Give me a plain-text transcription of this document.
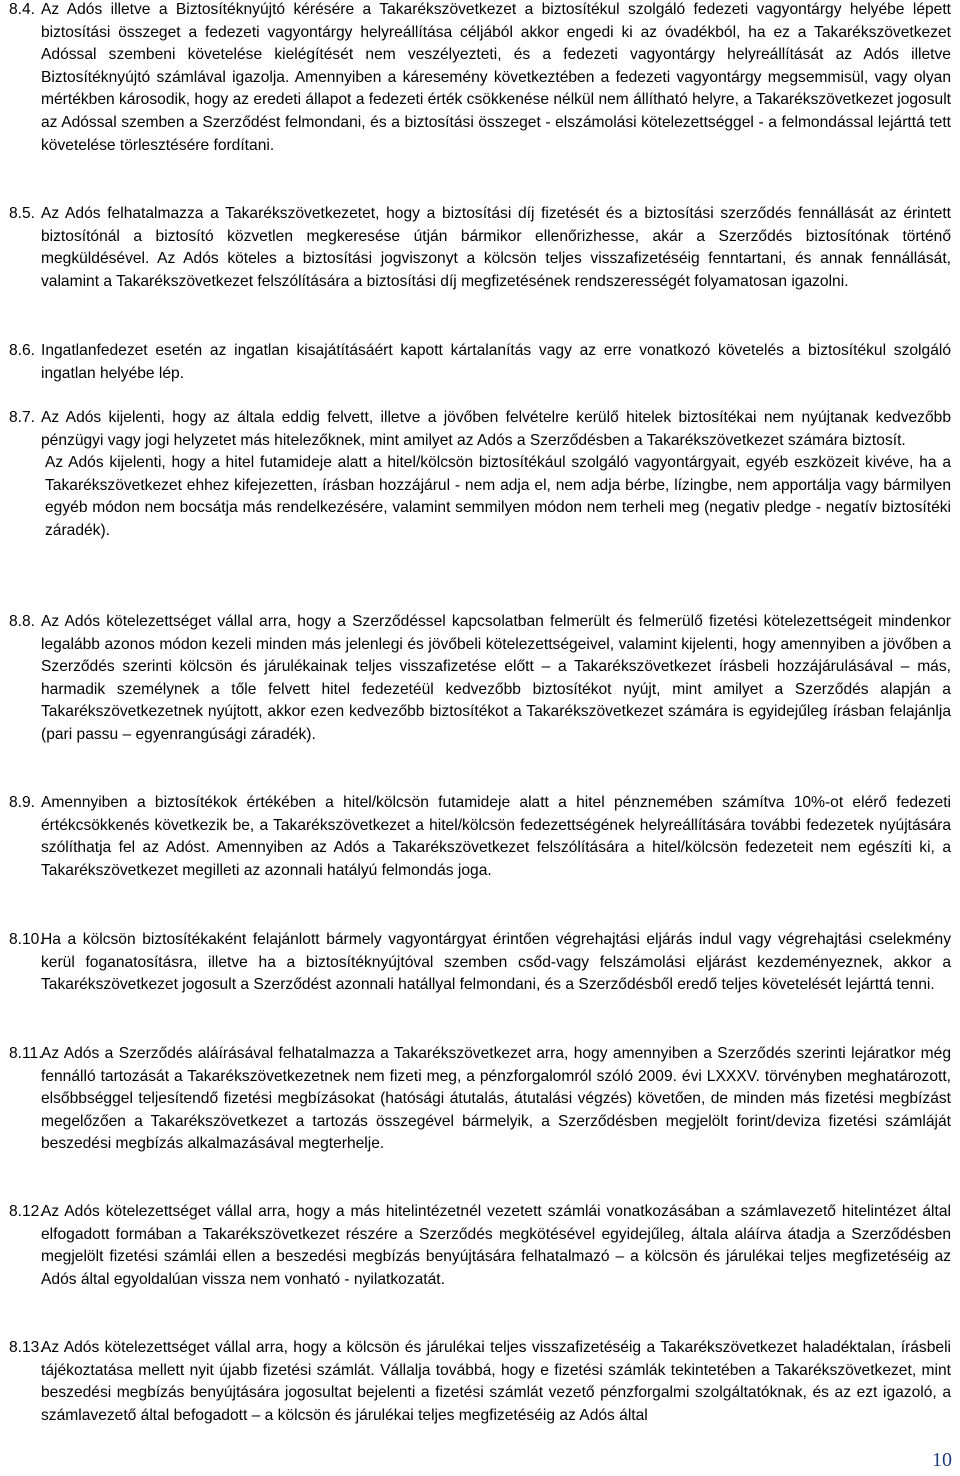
8.4. Az Adós illetve a Biztosítéknyújtó kérésére a Takarékszövetkezet a biztosítékul szolgáló fedezeti vagyontárgy helyébe lépett biztosítási összeget a fedezeti vagyontárgy helyreállítása céljából akkor engedi ki az óvadékból, ha ez a Takarékszövetkezet Adóssal szembeni követelése kielégítését nem veszélyezteti, és a fedezeti vagyontárgy helyreállítását az Adós illetve Biztosítéknyújtó számlával igazolja. Amennyiben a káresemény következtében a fedezeti vagyontárgy megsemmisül, vagy olyan mértékben károsodik, hogy az eredeti állapot a fedezeti érték csökkenése nélkül nem állítható helyre, a Takarékszövetkezet jogosult az Adóssal szemben a Szerződést felmondani, és a biztosítási összeget - elszámolási kötelezettséggel - a felmondással lejárttá tett követelése törlesztésére fordítani.

8.5. Az Adós felhatalmazza a Takarékszövetkezetet, hogy a biztosítási díj fizetését és a biztosítási szerződés fennállását az érintett biztosítónál a biztosító közvetlen megkeresése útján bármikor ellenőrizhesse, akár a Szerződés biztosítónak történő megküldésével. Az Adós köteles a biztosítási jogviszonyt a kölcsön teljes visszafizetéséig fenntartani, és annak fennállását, valamint a Takarékszövetkezet felszólítására a biztosítási díj megfizetésének rendszerességét folyamatosan igazolni.

8.6. Ingatlanfedezet esetén az ingatlan kisajátításáért kapott kártalanítás vagy az erre vonatkozó követelés a biztosítékul szolgáló ingatlan helyébe lép.

8.7. Az Adós kijelenti, hogy az általa eddig felvett, illetve a jövőben felvételre kerülő hitelek biztosítékai nem nyújtanak kedvezőbb pénzügyi vagy jogi helyzetet más hitelezőknek, mint amilyet az Adós a Szerződésben a Takarékszövetkezet számára biztosít.

Az Adós kijelenti, hogy a hitel futamideje alatt a hitel/kölcsön biztosítékául szolgáló vagyontárgyait, egyéb eszközeit kivéve, ha a Takarékszövetkezet ehhez kifejezetten, írásban hozzájárul - nem adja el, nem adja bérbe, lízingbe, nem apportálja vagy bármilyen egyéb módon nem bocsátja más rendelkezésére, valamint semmilyen módon nem terheli meg (negativ pledge - negatív biztosítéki záradék).

8.8. Az Adós kötelezettséget vállal arra, hogy a Szerződéssel kapcsolatban felmerült és felmerülő fizetési kötelezettségeit mindenkor legalább azonos módon kezeli minden más jelenlegi és jövőbeli kötelezettségeivel, valamint kijelenti, hogy amennyiben a jövőben a Szerződés szerinti kölcsön és járulékainak teljes visszafizetése előtt – a Takarékszövetkezet írásbeli hozzájárulásával – más, harmadik személynek a tőle felvett hitel fedezetéül kedvezőbb biztosítékot nyújt, mint amilyet a Szerződés alapján a Takarékszövetkezetnek nyújtott, akkor ezen kedvezőbb biztosítékot a Takarékszövetkezet számára is egyidejűleg írásban felajánlja (pari passu – egyenrangúsági záradék).

8.9. Amennyiben a biztosítékok értékében a hitel/kölcsön futamideje alatt a hitel pénznemében számítva 10%-ot elérő fedezeti értékcsökkenés következik be, a Takarékszövetkezet a hitel/kölcsön fedezettségének helyreállítására további fedezetek nyújtására szólíthatja fel az Adóst. Amennyiben az Adós a Takarékszövetkezet felszólítására a hitel/kölcsön fedezeteit nem egészíti ki, a Takarékszövetkezet megilleti az azonnali hatályú felmondás joga.

8.10.

Ha a kölcsön biztosítékaként felajánlott bármely vagyontárgyat érintően végrehajtási eljárás indul vagy végrehajtási cselekmény kerül foganatosításra, illetve ha a biztosítéknyújtóval szemben csőd-vagy felszámolási eljárást kezdeményeznek, akkor a Takarékszövetkezet jogosult a Szerződést azonnali hatállyal felmondani, és a Szerződésből eredő teljes követelését lejárttá tenni.

8.11.

Az Adós a Szerződés aláírásával felhatalmazza a Takarékszövetkezet arra, hogy amennyiben a Szerződés szerinti lejáratkor még fennálló tartozását a Takarékszövetkezetnek nem fizeti meg, a pénzforgalomról szóló 2009. évi LXXXV. törvényben meghatározott, elsőbbséggel teljesítendő fizetési megbízásokat (hatósági átutalás, átutalási végzés) követően, de minden más fizetési megbízást megelőzően a Takarékszövetkezet a tartozás összegével bármelyik, a Szerződésben megjelölt forint/deviza fizetési számláját beszedési megbízás alkalmazásával megterhelje.

8.12.

Az Adós kötelezettséget vállal arra, hogy a más hitelintézetnél vezetett számlái vonatkozásában a számlavezető hitelintézet által elfogadott formában a Takarékszövetkezet részére a Szerződés megkötésével egyidejűleg, általa aláírva átadja a Szerződésben megjelölt fizetési számlái ellen a beszedési megbízás benyújtására felhatalmazó – a kölcsön és járulékai teljes megfizetéséig az Adós által egyoldalúan vissza nem vonható - nyilatkozatát.

8.13.

Az Adós kötelezettséget vállal arra, hogy a kölcsön és járulékai teljes visszafizetéséig a Takarékszövetkezet haladéktalan, írásbeli tájékoztatása mellett nyit újabb fizetési számlát. Vállalja továbbá, hogy e fizetési számlák tekintetében a Takarékszövetkezet, mint beszedési megbízás benyújtására jogosultat bejelenti a fizetési számlát vezető pénzforgalmi szolgáltatóknak, és az ezt igazoló, a számlavezető által befogadott – a kölcsön és járulékai teljes megfizetéséig az Adós által

10
